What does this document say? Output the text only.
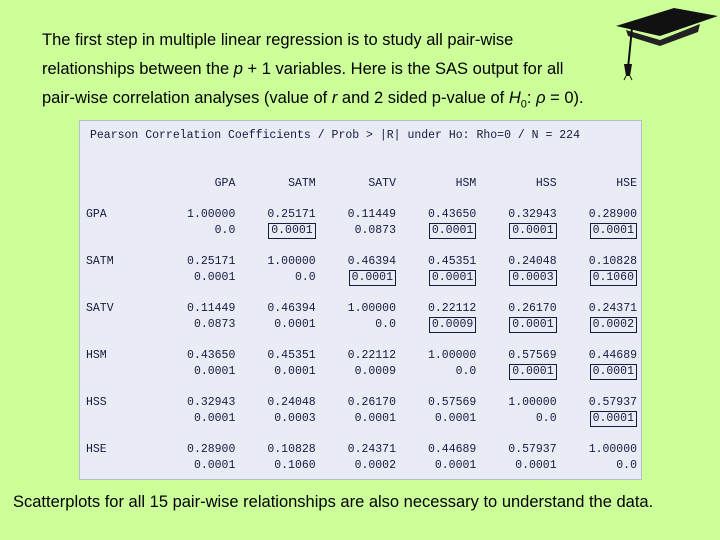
The first step in multiple linear regression is to study all pair-wise
relationships between the p + 1 variables. Here is the SAS output for all
pair-wise correlation analyses (value of r and 2 sided p-value of $H_0$: ρ = 0).
Pearson Correlation Coefficients / Prob > |R| under Ho: Rho=0 / N = 224
	GPA	SATM	SATV	HSM	HSS	HSE

GPA	1.00000	0.25171	0.11449	0.43650	0.32943	0.28900
	0.0	0.0001	0.0873	0.0001	0.0001	0.0001

SATM	0.25171	1.00000	0.46394	0.45351	0.24048	0.10828
	0.0001	0.0	0.0001	0.0001	0.0003	0.1060

SATV	0.11449	0.46394	1.00000	0.22112	0.26170	0.24371
	0.0873	0.0001	0.0	0.0009	0.0001	0.0002

HSM	0.43650	0.45351	0.22112	1.00000	0.57569	0.44689
	0.0001	0.0001	0.0009	0.0	0.0001	0.0001

HSS	0.32943	0.24048	0.26170	0.57569	1.00000	0.57937
	0.0001	0.0003	0.0001	0.0001	0.0	0.0001

HSE	0.28900	0.10828	0.24371	0.44689	0.57937	1.00000
	0.0001	0.1060	0.0002	0.0001	0.0001	0.0
Scatterplots for all 15 pair-wise relationships are also necessary to understand the data.
